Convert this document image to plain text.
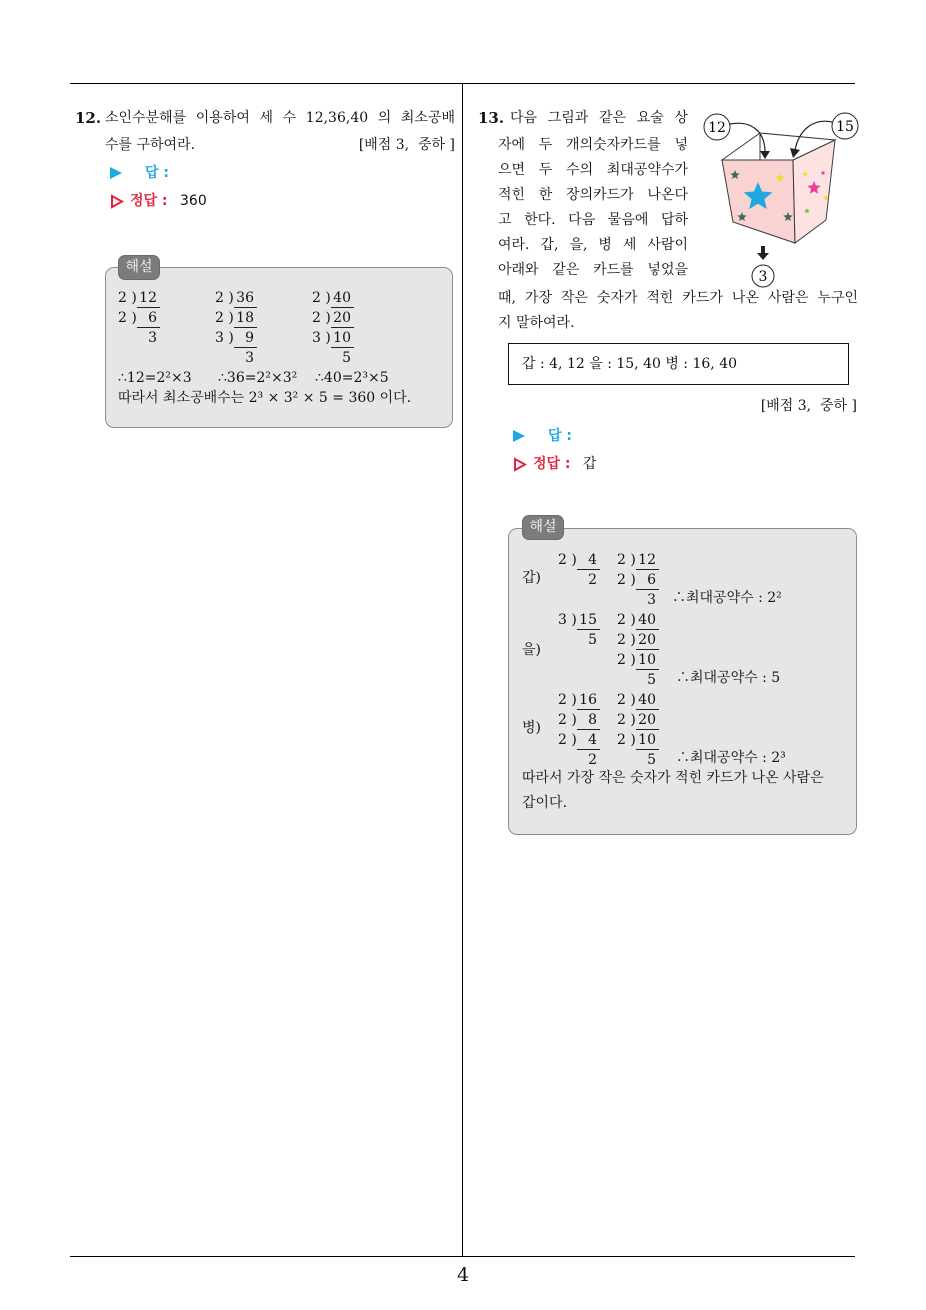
12. 소인수분해를 이용하여 세 수 12,36,40 의 최소공배
수를 구하여라.	[배점 3,  중하 ]
답 :
정답 : 360
해설
2 ) 12
2 ) 6
3
2 ) 36
2 ) 18
3 ) 9
3
2 ) 40
2 ) 20
3 ) 10
5
∴12=2²×3 ∴36=2²×3² ∴40=2³×5
따라서 최소공배수는 2³ × 3² × 5 = 360 이다.
13. 다음 그림과 같은 요술 상
자에 두 개의숫자카드를 넣
으면 두 수의 최대공약수가
적힌 한 장의카드가 나온다
고 한다. 다음 물음에 답하
여라. 갑, 을, 병 세 사람이
아래와 같은 카드를 넣었을
때, 가장 작은 숫자가 적힌 카드가 나온 사람은 누구인
지 말하여라.
12	15
3
갑 : 4, 12 을 : 15, 40 병 : 16, 40
[배점 3,  중하 ]
답 :
정답 : 갑
해설
갑)
2 ) 4
2
2 ) 12
2 ) 6
3 ∴최대공약수 : 2²
을)
3 ) 15
5
2 ) 40
2 ) 20
2 ) 10
5 ∴최대공약수 : 5
병)
2 ) 16
2 ) 8
2 ) 4
2
2 ) 40
2 ) 20
2 ) 10
5 ∴최대공약수 : 2³
따라서 가장 작은 숫자가 적힌 카드가 나온 사람은
갑이다.
4
